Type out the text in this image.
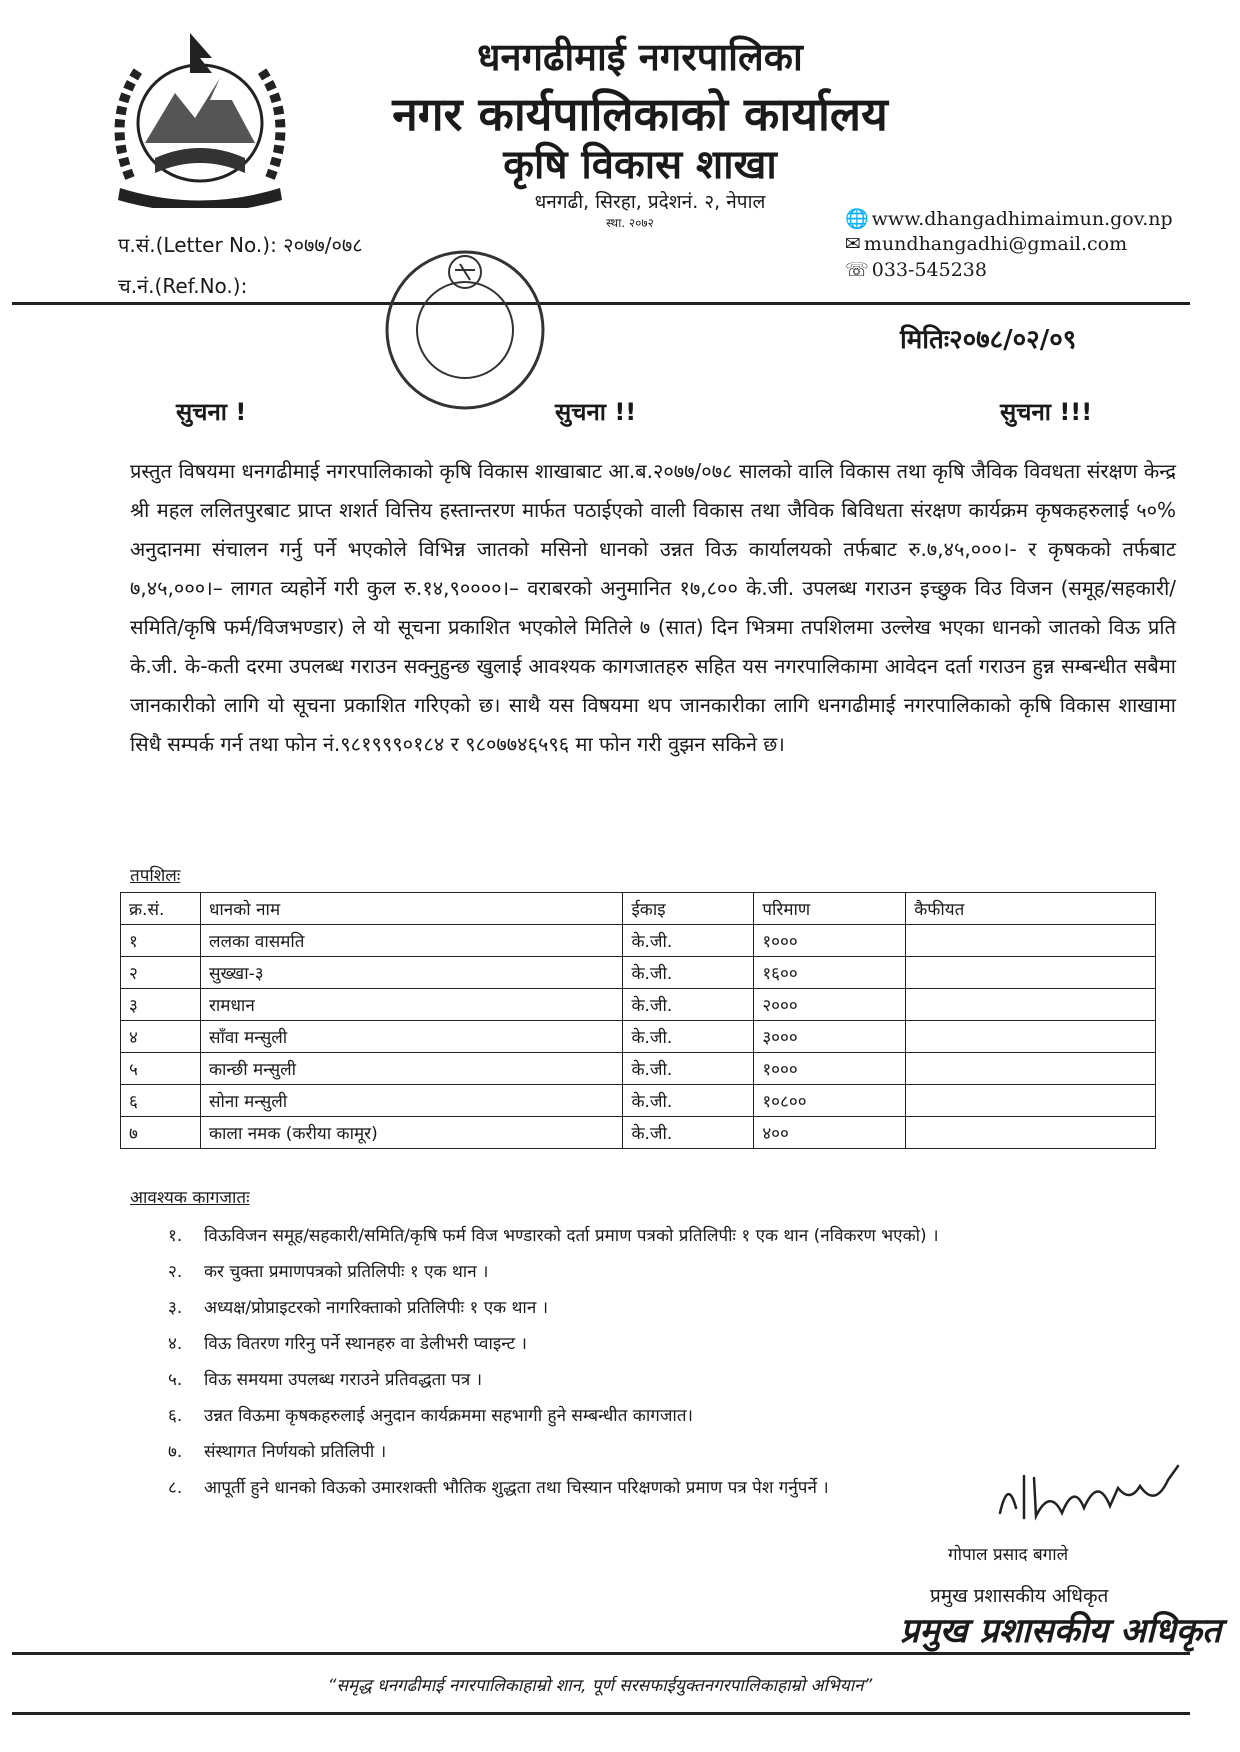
धनगढीमाई नगरपालिका
नगर कार्यपालिकाको कार्यालय
कृषि विकास शाखा
धनगढी, सिरहा, प्रदेशनं. २, नेपाल
स्था. २०७२	🌐 www.dhangadhimaimun.gov.np
✉ mundhangadhi@gmail.com
☏ 033-545238
प.सं.(Letter No.): २०७७/०७८
च.नं.(Ref.No.):
मितिः२०७८/०२/०९
सुचना !	सुचना !!	सुचना !!!
प्रस्तुत विषयमा धनगढीमाई नगरपालिकाको कृषि विकास शाखाबाट आ.ब.२०७७/०७८ सालको वालि विकास तथा कृषि जैविक विवधता संरक्षण केन्द्र श्री महल ललितपुरबाट प्राप्त शशर्त वित्तिय हस्तान्तरण मार्फत पठाईएको वाली विकास तथा जैविक बिविधता संरक्षण कार्यक्रम कृषकहरुलाई ५०% अनुदानमा संचालन गर्नु पर्ने भएकोले विभिन्न जातको मसिनो धानको उन्नत विऊ कार्यालयको तर्फबाट रु.७,४५,०००।- र कृषकको तर्फबाट ७,४५,०००।– लागत व्यहोर्ने गरी कुल रु.१४,९००००।– वराबरको अनुमानित १७,८०० के.जी. उपलब्ध गराउन इच्छुक विउ विजन (समूह/सहकारी/समिति/कृषि फर्म/विजभण्डार) ले यो सूचना प्रकाशित भएकोले मितिले ७ (सात) दिन भित्रमा तपशिलमा उल्लेख भएका धानको जातको विऊ प्रति के.जी. के-कती दरमा उपलब्ध गराउन सक्नुहुन्छ खुलाई आवश्यक कागजातहरु सहित यस नगरपालिकामा आवेदन दर्ता गराउन हुन्न सम्बन्धीत सबैमा जानकारीको लागि यो सूचना प्रकाशित गरिएको छ। साथै यस विषयमा थप जानकारीका लागि धनगढीमाई नगरपालिकाको कृषि विकास शाखामा सिधै सम्पर्क गर्न तथा फोन नं.९८१९९९०१८४ र ९८०७७४६५९६ मा फोन गरी वुझन सकिने छ।
तपशिलः
क्र.सं.	धानको नाम	ईकाइ	परिमाण	कैफीयत
१	ललका वासमति	के.जी.	१०००	
२	सुख्खा-३	के.जी.	१६००	
३	रामधान	के.जी.	२०००	
४	साँवा मन्सुली	के.जी.	३०००	
५	कान्छी मन्सुली	के.जी.	१०००	
६	सोना मन्सुली	के.जी.	१०८००	
७	काला नमक (करीया कामूर)	के.जी.	४००	
आवश्यक कागजातः
१. विऊविजन समूह/सहकारी/समिति/कृषि फर्म विज भण्डारको दर्ता प्रमाण पत्रको प्रतिलिपीः १ एक थान (नविकरण भएको) ।
२. कर चुक्ता प्रमाणपत्रको प्रतिलिपीः १ एक थान ।
३. अध्यक्ष/प्रोप्राइटरको नागरिक्ताको प्रतिलिपीः १ एक थान ।
४. विऊ वितरण गरिनु पर्ने स्थानहरु वा डेलीभरी प्वाइन्ट ।
५. विऊ समयमा उपलब्ध गराउने प्रतिवद्धता पत्र ।
६. उन्नत विऊमा कृषकहरुलाई अनुदान कार्यक्रममा सहभागी हुने सम्बन्धीत कागजात।
७. संस्थागत निर्णयको प्रतिलिपी ।
८. आपूर्ती हुने धानको विऊको उमारशक्ती भौतिक शुद्धता तथा चिस्यान परिक्षणको प्रमाण पत्र पेश गर्नुपर्ने ।
गोपाल प्रसाद बगाले
प्रमुख प्रशासकीय अधिकृत
प्रमुख प्रशासकीय अधिकृत
“समृद्ध धनगढीमाई नगरपालिकाहाम्रो शान, पूर्ण सरसफाईयुक्तनगरपालिकाहाम्रो अभियान”
